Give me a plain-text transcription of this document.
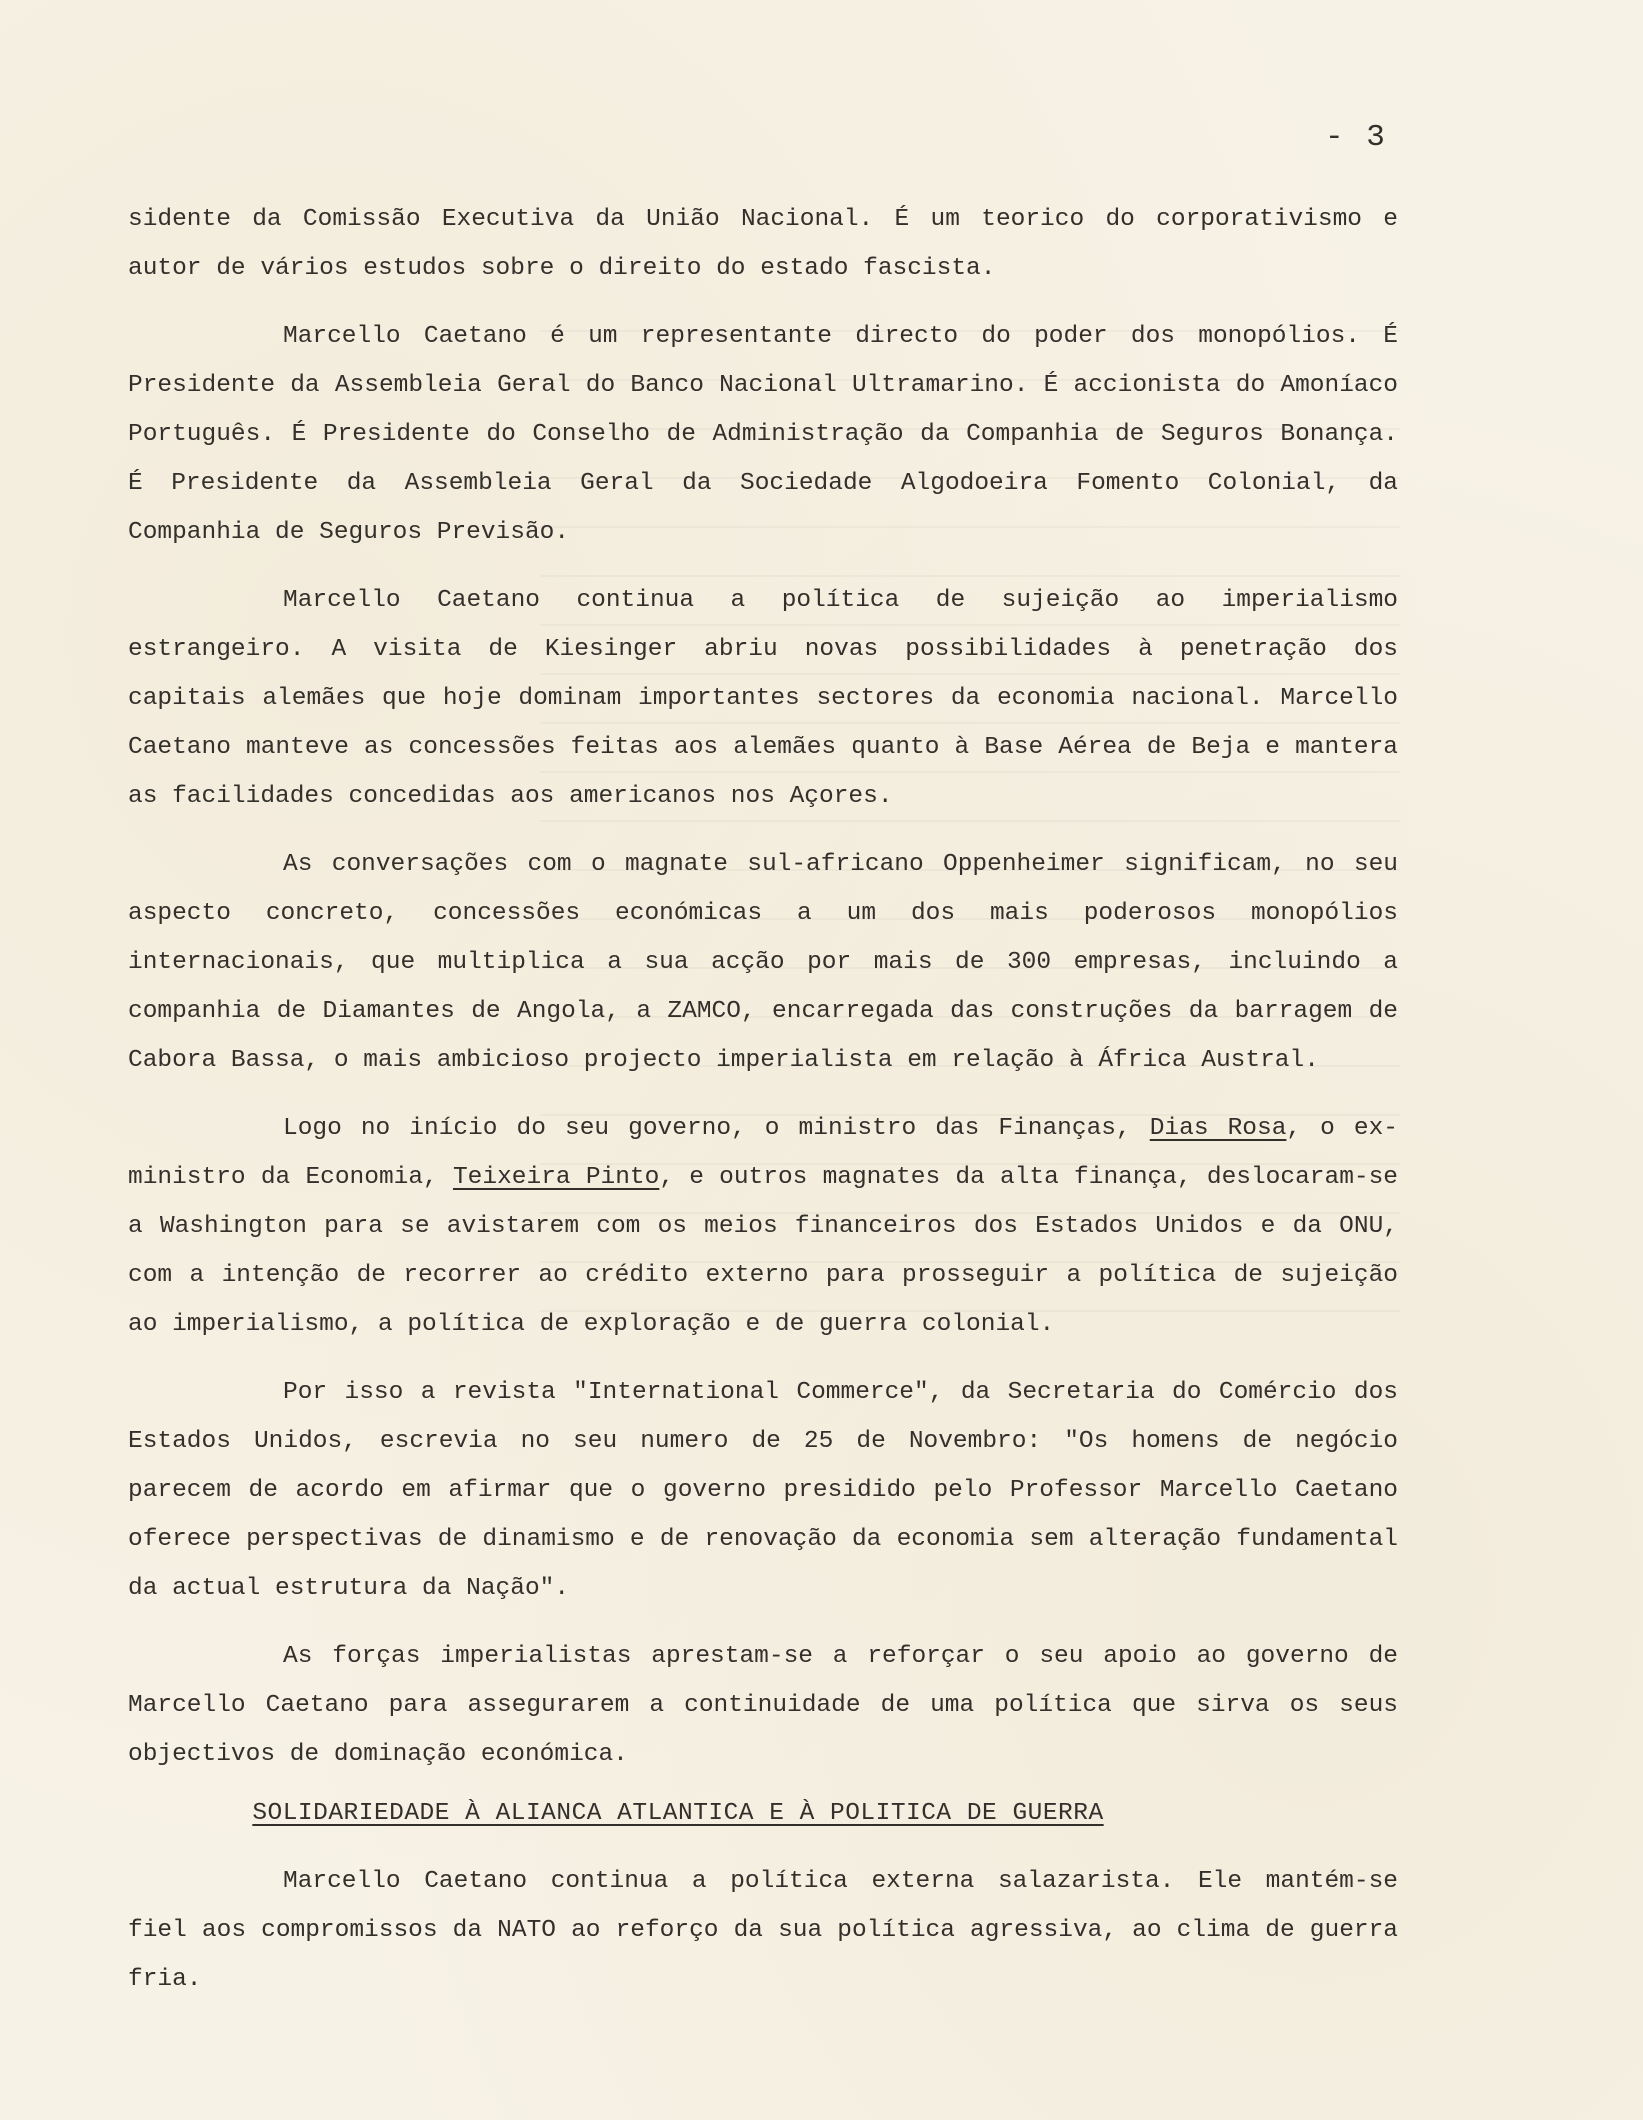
- 3

sidente da Comissão Executiva da União Nacional. É um teorico do corporativismo e autor de vários estudos sobre o direito do estado fascista.

Marcello Caetano é um representante directo do poder dos monopólios. É Presidente da Assembleia Geral do Banco Nacional Ultramarino. É accionista do Amoníaco Português. É Presidente do Conselho de Administração da Companhia de Seguros Bonança. É Presidente da Assembleia Geral da Sociedade Algodoeira Fomento Colonial, da Companhia de Seguros Previsão.

Marcello Caetano continua a política de sujeição ao imperialismo estrangeiro. A visita de Kiesinger abriu novas possibilidades à penetração dos capitais alemães que hoje dominam importantes sectores da economia nacional. Marcello Caetano manteve as concessões feitas aos alemães quanto à Base Aérea de Beja e mantera as facilidades concedidas aos americanos nos Açores.

As conversações com o magnate sul-africano Oppenheimer significam, no seu aspecto concreto, concessões económicas a um dos mais poderosos monopólios internacionais, que multiplica a sua acção por mais de 300 empresas, incluindo a companhia de Diamantes de Angola, a ZAMCO, encarregada das construções da barragem de Cabora Bassa, o mais ambicioso projecto imperialista em relação à África Austral.

Logo no início do seu governo, o ministro das Finanças, Dias Rosa, o ex-ministro da Economia, Teixeira Pinto, e outros magnates da alta finança, deslocaram-se a Washington para se avistarem com os meios financeiros dos Estados Unidos e da ONU, com a intenção de recorrer ao crédito externo para prosseguir a política de sujeição ao imperialismo, a política de exploração e de guerra colonial.

Por isso a revista "International Commerce", da Secretaria do Comércio dos Estados Unidos, escrevia no seu numero de 25 de Novembro: "Os homens de negócio parecem de acordo em afirmar que o governo presidido pelo Professor Marcello Caetano oferece perspectivas de dinamismo e de renovação da economia sem alteração fundamental da actual estrutura da Nação".

As forças imperialistas aprestam-se a reforçar o seu apoio ao governo de Marcello Caetano para assegurarem a continuidade de uma política que sirva os seus objectivos de dominação económica.

SOLIDARIEDADE À ALIANCA ATLANTICA E À POLITICA DE GUERRA

Marcello Caetano continua a política externa salazarista. Ele mantém-se fiel aos compromissos da NATO ao reforço da sua política agressiva, ao clima de guerra fria.
